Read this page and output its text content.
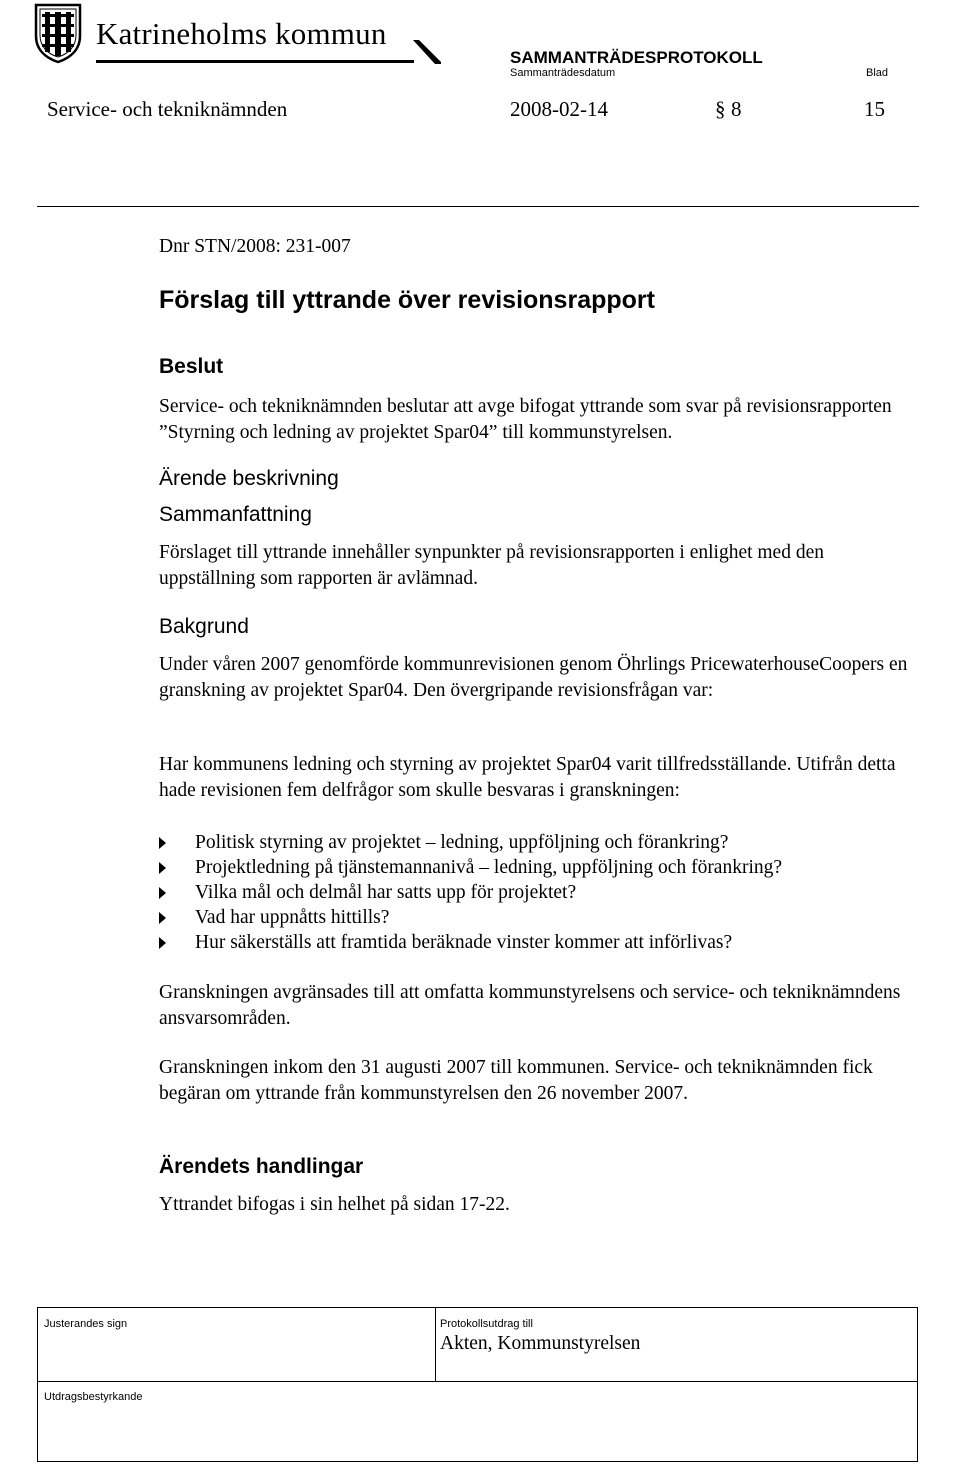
Katrineholms kommun
SAMMANTRÄDESPROTOKOLL
Sammanträdesdatum	Blad
Service- och tekniknämnden	2008-02-14	§ 8	15
Dnr STN/2008: 231-007
Förslag till yttrande över revisionsrapport
Beslut
Service- och tekniknämnden beslutar att avge bifogat yttrande som svar på revisionsrapporten ”Styrning och ledning av projektet Spar04” till kommunstyrelsen.
Ärende beskrivning
Sammanfattning
Förslaget till yttrande innehåller synpunkter på revisionsrapporten i enlighet med den uppställning som rapporten är avlämnad.
Bakgrund
Under våren 2007 genomförde kommunrevisionen genom Öhrlings PricewaterhouseCoopers en granskning av projektet Spar04. Den övergripande revisionsfrågan var:
Har kommunens ledning och styrning av projektet Spar04 varit tillfredsställande. Utifrån detta hade revisionen fem delfrågor som skulle besvaras i granskningen:
Politisk styrning av projektet – ledning, uppföljning och förankring?
Projektledning på tjänstemannanivå – ledning, uppföljning och förankring?
Vilka mål och delmål har satts upp för projektet?
Vad har uppnåtts hittills?
Hur säkerställs att framtida beräknade vinster kommer att införlivas?
Granskningen avgränsades till att omfatta kommunstyrelsens och service- och tekniknämndens ansvarsområden.
Granskningen inkom den 31 augusti 2007 till kommunen. Service- och tekniknämnden fick begäran om yttrande från kommunstyrelsen den 26 november 2007.
Ärendets handlingar
Yttrandet bifogas i sin helhet på sidan 17-22.
Justerandes sign	Protokollsutdrag till
Akten, Kommunstyrelsen
Utdragsbestyrkande
